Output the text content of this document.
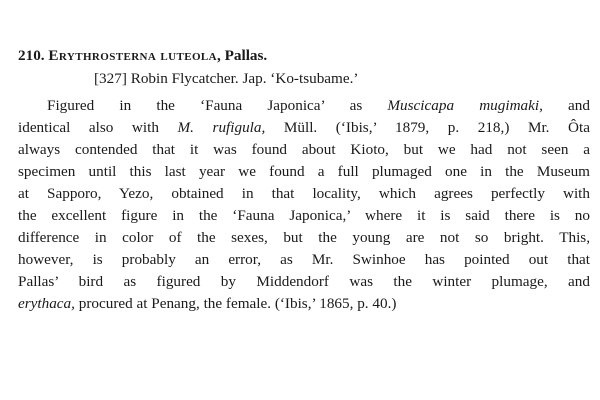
210. Erythrosterna luteola, Pallas.
[327] Robin Flycatcher. Jap. ‘Ko-tsubame.’
Figured in the ‘Fauna Japonica’ as Muscicapa mugimaki, and
identical also with M. rufigula, Müll. (‘Ibis,’ 1879, p. 218,) Mr. Ôta
always contended that it was found about Kioto, but we had not seen a
specimen until this last year we found a full plumaged one in the Museum
at Sapporo, Yezo, obtained in that locality, which agrees perfectly with
the excellent figure in the ‘Fauna Japonica,’ where it is said there is no
difference in color of the sexes, but the young are not so bright. This,
however, is probably an error, as Mr. Swinhoe has pointed out that
Pallas’ bird as figured by Middendorf was the winter plumage, and
erythaca, procured at Penang, the female. (‘Ibis,’ 1865, p. 40.)
